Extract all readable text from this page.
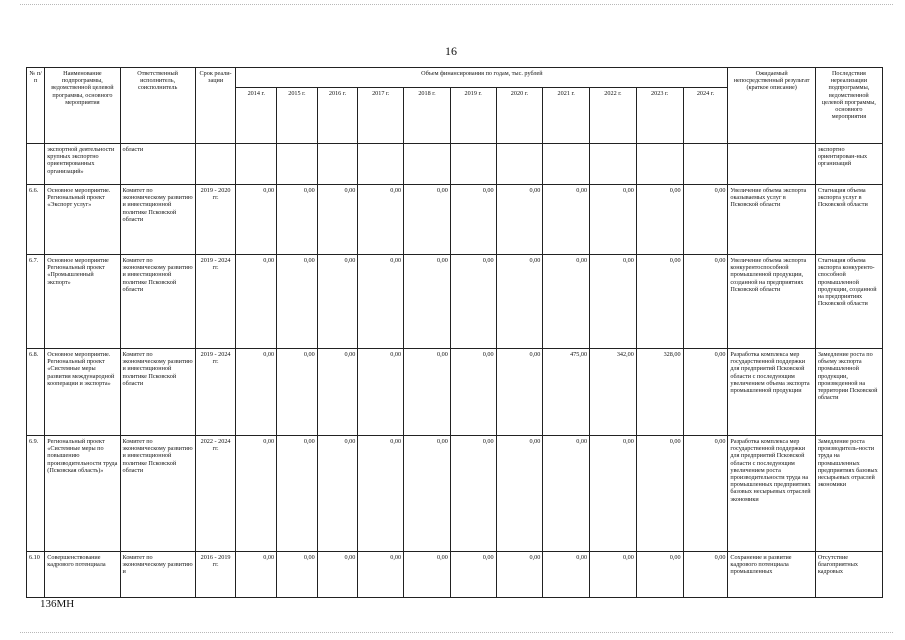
16
№ п/п	Наименование подпрограммы, ведомственной целевой программы, основного мероприятия	Ответственный исполнитель, соисполнитель	Срок реали-зации	Объем финансирования по годам, тыс. рублей											Ожидаемый непосредственный результат (краткое описание)	Последствия нереализации подпрограммы, ведомственной целевой программы, основного мероприятия
				2014 г.	2015 г.	2016 г.	2017 г.	2018 г.	2019 г.	2020 г.	2021 г.	2022 г.	2023 г.	2024 г.		
	экспортной деятельности крупных экспортно ориентированных организаций»	области														экспортно ориентирован-ных организаций
6.6.	Основное мероприятие. Региональный проект «Экспорт услуг»	Комитет по экономическому развитию и инвестиционной политике Псковской области	2019 - 2020 гг.	0,00	0,00	0,00	0,00	0,00	0,00	0,00	0,00	0,00	0,00	0,00	Увеличение объема экспорта оказываемых услуг в Псковской области	Стагнация объема экспорта услуг в Псковской области
6.7.	Основное мероприятие Региональный проект «Промышленный экспорт»	Комитет по экономическому развитию и инвестиционной политике Псковской области	2019 - 2024 гг.	0,00	0,00	0,00	0,00	0,00	0,00	0,00	0,00	0,00	0,00	0,00	Увеличение объема экспорта конкурентоспособной промышленной продукции, созданной на предприятиях Псковской области	Стагнация объема экспорта конкуренто-способной промышленной продукции, созданной на предприятиях Псковской области
6.8.	Основное мероприятие. Региональный проект «Системные меры развития международной кооперации и экспорта»	Комитет по экономическому развитию и инвестиционной политике Псковской области	2019 - 2024 гг.	0,00	0,00	0,00	0,00	0,00	0,00	0,00	475,00	342,00	328,00	0,00	Разработка комплекса мер государственной поддержки для предприятий Псковской области с последующим увеличением объема экспорта промышленной продукции	Замедление роста по объему экспорта промышленной продукции, произведенной на территории Псковской области
6.9.	Региональный проект «Системные меры по повышению производительности труда (Псковская область)»	Комитет по экономическому развитию и инвестиционной политике Псковской области	2022 - 2024 гг.	0,00	0,00	0,00	0,00	0,00	0,00	0,00	0,00	0,00	0,00	0,00	Разработка комплекса мер государственной поддержки для предприятий Псковской области с последующим увеличением роста производительности труда на промышленных предприятиях базовых несырьевых отраслей экономики	Замедление роста производитель-ности труда на промышленных предприятиях базовых несырьевых отраслей экономики
6.10	Совершенствование кадрового потенциала	Комитет по экономическому развитию и	2016 - 2019 гг.	0,00	0,00	0,00	0,00	0,00	0,00	0,00	0,00	0,00	0,00	0,00	Сохранение и развитие кадрового потенциала промышленных	Отсутствие благоприятных кадровых
136МН
